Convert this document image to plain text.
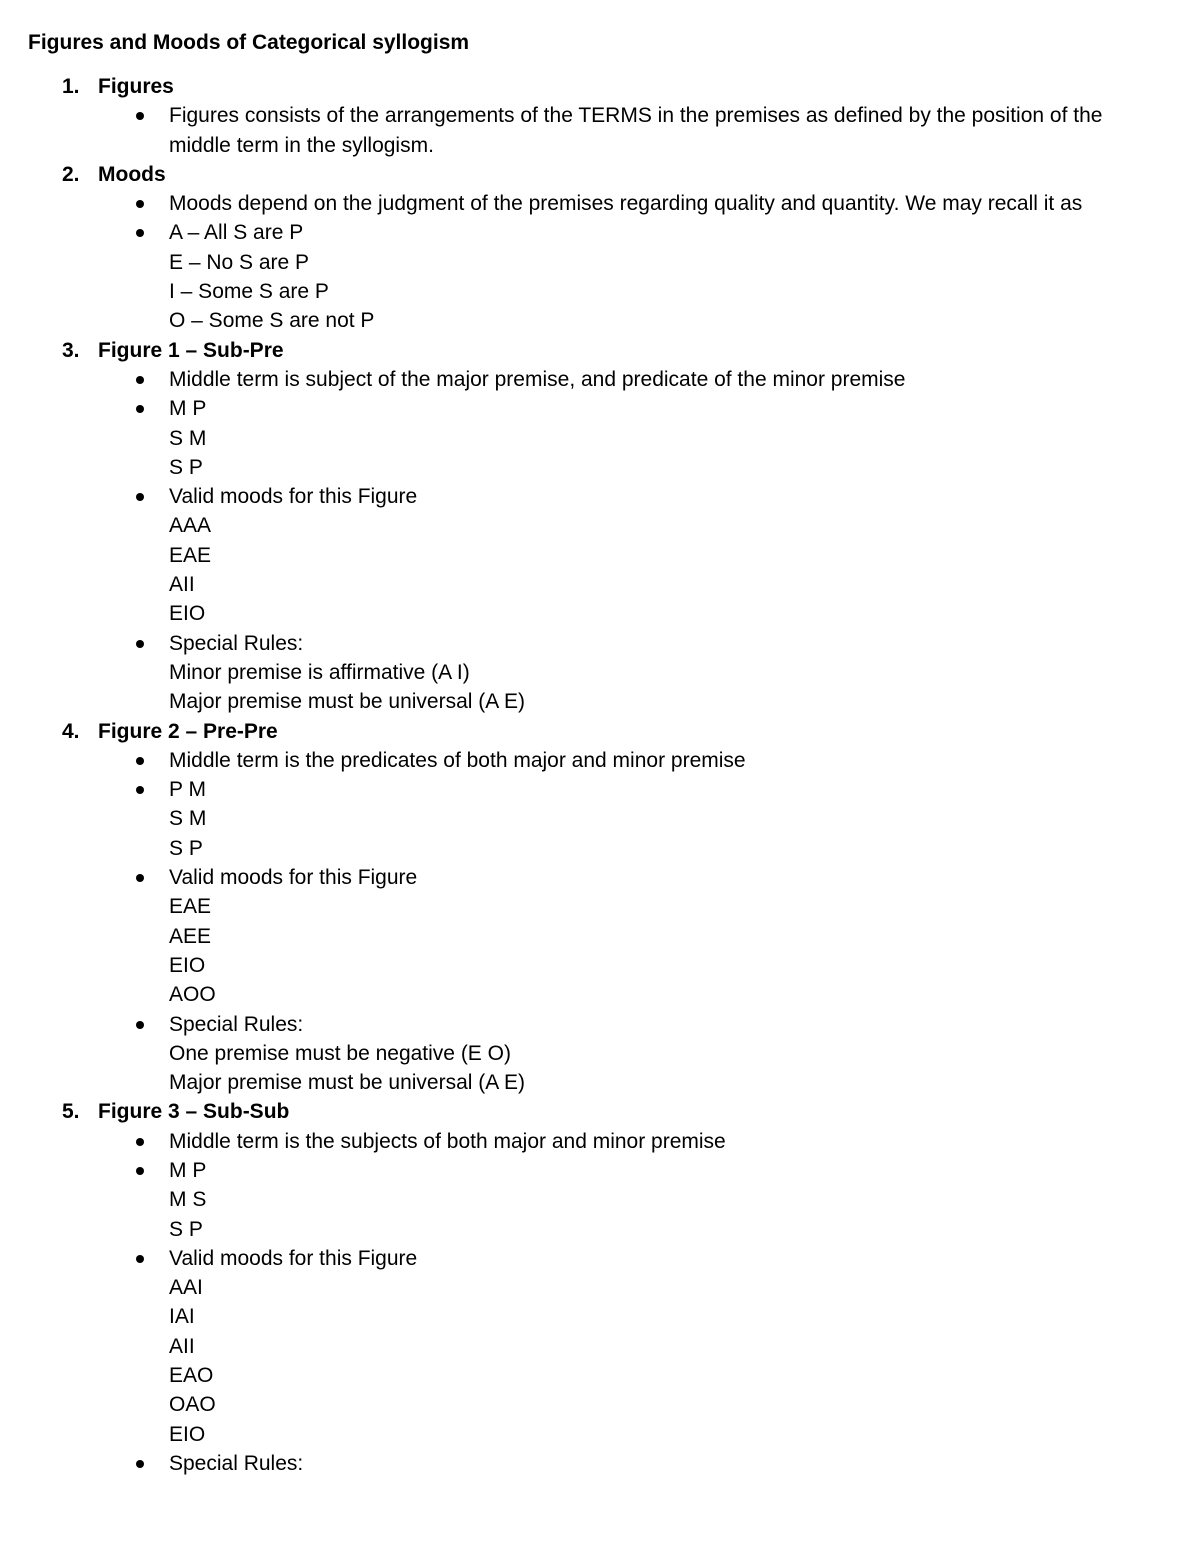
Figures and Moods of Categorical syllogism
1. Figures
Figures consists of the arrangements of the TERMS in the premises as defined by the position of the middle term in the syllogism.
2. Moods
Moods depend on the judgment of the premises regarding quality and quantity. We may recall it as
A – All S are P
E – No S are P
I – Some S are P
O – Some S are not P
3. Figure 1 – Sub-Pre
Middle term is subject of the major premise, and predicate of the minor premise
M P
S M
S P
Valid moods for this Figure
AAA
EAE
AII
EIO
Special Rules:
Minor premise is affirmative (A I)
Major premise must be universal (A E)
4. Figure 2 – Pre-Pre
Middle term is the predicates of both major and minor premise
P M
S M
S P
Valid moods for this Figure
EAE
AEE
EIO
AOO
Special Rules:
One premise must be negative (E O)
Major premise must be universal (A E)
5. Figure 3 – Sub-Sub
Middle term is the subjects of both major and minor premise
M P
M S
S P
Valid moods for this Figure
AAI
IAI
AII
EAO
OAO
EIO
Special Rules:
